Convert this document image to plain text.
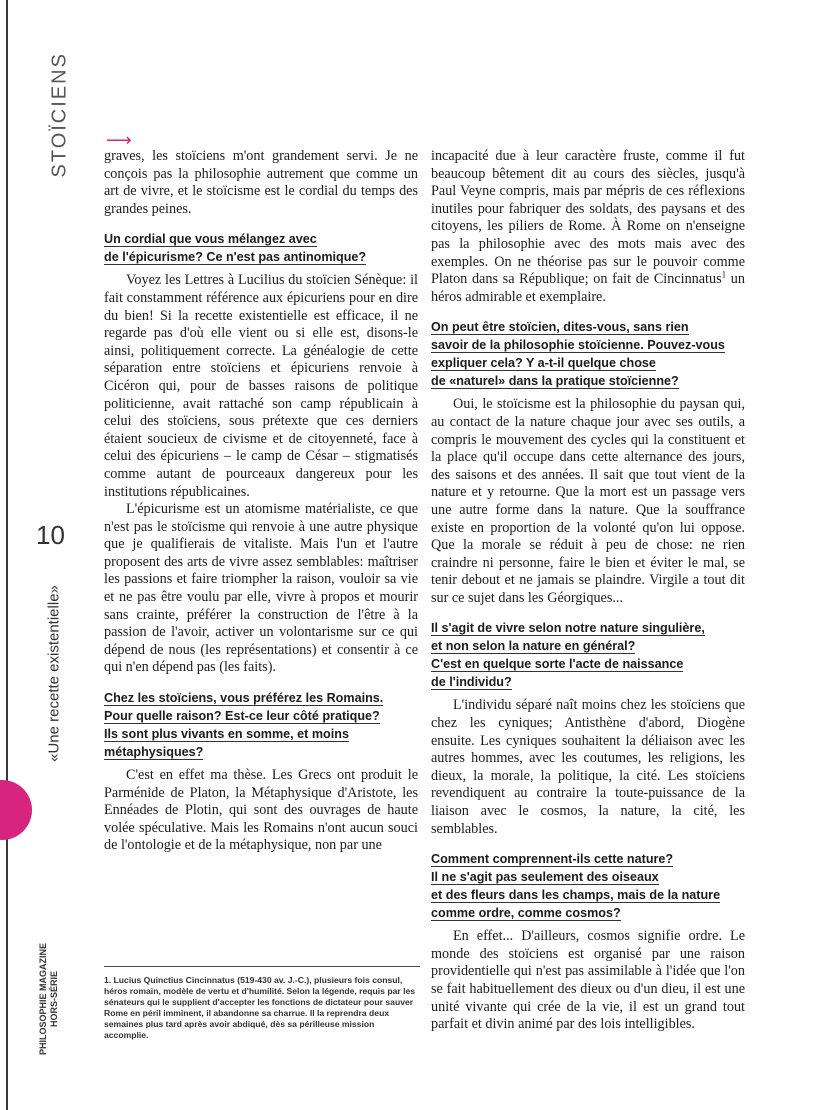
STOÏCIENS ⟶
10
«Une recette existentielle»
PHILOSOPHIE MAGAZINE
HORS-SÉRIE

graves, les stoïciens m'ont grandement servi. Je ne conçois pas la philosophie autrement que comme un art de vivre, et le stoïcisme est le cordial du temps des grandes peines.

Un cordial que vous mélangez avec
de l'épicurisme? Ce n'est pas antinomique?

Voyez les Lettres à Lucilius du stoïcien Sénèque: il fait constamment référence aux épicuriens pour en dire du bien! Si la recette existentielle est efficace, il ne regarde pas d'où elle vient ou si elle est, disons-le ainsi, politiquement correcte. La généalogie de cette séparation entre stoïciens et épicuriens renvoie à Cicéron qui, pour de basses raisons de politique politicienne, avait rattaché son camp républicain à celui des stoïciens, sous prétexte que ces derniers étaient soucieux de civisme et de citoyenneté, face à celui des épicuriens – le camp de César – stigmatisés comme autant de pourceaux dangereux pour les institutions républicaines.

L'épicurisme est un atomisme matérialiste, ce que n'est pas le stoïcisme qui renvoie à une autre physique que je qualifierais de vitaliste. Mais l'un et l'autre proposent des arts de vivre assez semblables: maîtriser les passions et faire triompher la raison, vouloir sa vie et ne pas être voulu par elle, vivre à propos et mourir sans crainte, préférer la construction de l'être à la passion de l'avoir, activer un volontarisme sur ce qui dépend de nous (les représentations) et consentir à ce qui n'en dépend pas (les faits).

Chez les stoïciens, vous préférez les Romains.
Pour quelle raison? Est-ce leur côté pratique?
Ils sont plus vivants en somme, et moins
métaphysiques?

C'est en effet ma thèse. Les Grecs ont produit le Parménide de Platon, la Métaphysique d'Aristote, les Ennéades de Plotin, qui sont des ouvrages de haute volée spéculative. Mais les Romains n'ont aucun souci de l'ontologie et de la métaphysique, non par une

1. Lucius Quinctius Cincinnatus (519-430 av. J.-C.), plusieurs fois consul, héros romain, modèle de vertu et d'humilité. Selon la légende, requis par les sénateurs qui le supplient d'accepter les fonctions de dictateur pour sauver Rome en péril imminent, il abandonne sa charrue. Il la reprendra deux semaines plus tard après avoir abdiqué, dès sa périlleuse mission accomplie.

incapacité due à leur caractère fruste, comme il fut beaucoup bêtement dit au cours des siècles, jusqu'à Paul Veyne compris, mais par mépris de ces réflexions inutiles pour fabriquer des soldats, des paysans et des citoyens, les piliers de Rome. À Rome on n'enseigne pas la philosophie avec des mots mais avec des exemples. On ne théorise pas sur le pouvoir comme Platon dans sa République; on fait de Cincinnatus$^1$ un héros admirable et exemplaire.

On peut être stoïcien, dites-vous, sans rien
savoir de la philosophie stoïcienne. Pouvez-vous
expliquer cela? Y a-t-il quelque chose
de «naturel» dans la pratique stoïcienne?

Oui, le stoïcisme est la philosophie du paysan qui, au contact de la nature chaque jour avec ses outils, a compris le mouvement des cycles qui la constituent et la place qu'il occupe dans cette alternance des jours, des saisons et des années. Il sait que tout vient de la nature et y retourne. Que la mort est un passage vers une autre forme dans la nature. Que la souffrance existe en proportion de la volonté qu'on lui oppose. Que la morale se réduit à peu de chose: ne rien craindre ni personne, faire le bien et éviter le mal, se tenir debout et ne jamais se plaindre. Virgile a tout dit sur ce sujet dans les Géorgiques...

Il s'agit de vivre selon notre nature singulière,
et non selon la nature en général?
C'est en quelque sorte l'acte de naissance
de l'individu?

L'individu séparé naît moins chez les stoïciens que chez les cyniques; Antisthène d'abord, Diogène ensuite. Les cyniques souhaitent la déliaison avec les autres hommes, avec les coutumes, les religions, les dieux, la morale, la politique, la cité. Les stoïciens revendiquent au contraire la toute-puissance de la liaison avec le cosmos, la nature, la cité, les semblables.

Comment comprennent-ils cette nature?
Il ne s'agit pas seulement des oiseaux
et des fleurs dans les champs, mais de la nature
comme ordre, comme cosmos?

En effet... D'ailleurs, cosmos signifie ordre. Le monde des stoïciens est organisé par une raison providentielle qui n'est pas assimilable à l'idée que l'on se fait habituellement des dieux ou d'un dieu, il est une unité vivante qui crée de la vie, il est un grand tout parfait et divin animé par des lois intelligibles.
